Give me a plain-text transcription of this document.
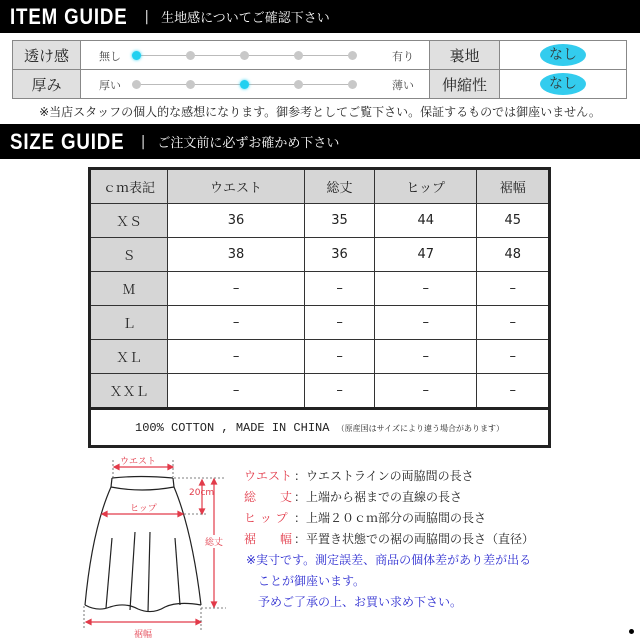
ITEM GUIDE | 生地感についてご確認下さい
透け感	無し 有り	裏地	なし
厚み	厚い 薄い	伸縮性	なし
※当店スタッフの個人的な感想になります。御参考としてご覧下さい。保証するものでは御座いません。
SIZE GUIDE | ご注文前に必ずお確かめ下さい
ｃｍ表記	ウエスト	総丈	ヒップ	裾幅
ＸＳ	36	35	44	45
Ｓ	38	36	47	48
Ｍ	–	–	–	–
Ｌ	–	–	–	–
ＸＬ	–	–	–	–
ＸＸＬ	–	–	–	–
100% COTTON , MADE IN CHINA （原産国はサイズにより違う場合があります）				
ウエスト
ヒップ
20cm
総丈
裾幅
ウエスト ：ウエストラインの両脇間の長さ
総　　丈 ：上端から裾までの直線の長さ
ヒ ッ プ ：上端２０ｃｍ部分の両脇間の長さ
裾　　幅 ：平置き状態での裾の両脇間の長さ（直径）
※実寸です。測定誤差、商品の個体差があり差が出る
ことが御座います。
予めご了承の上、お買い求め下さい。
